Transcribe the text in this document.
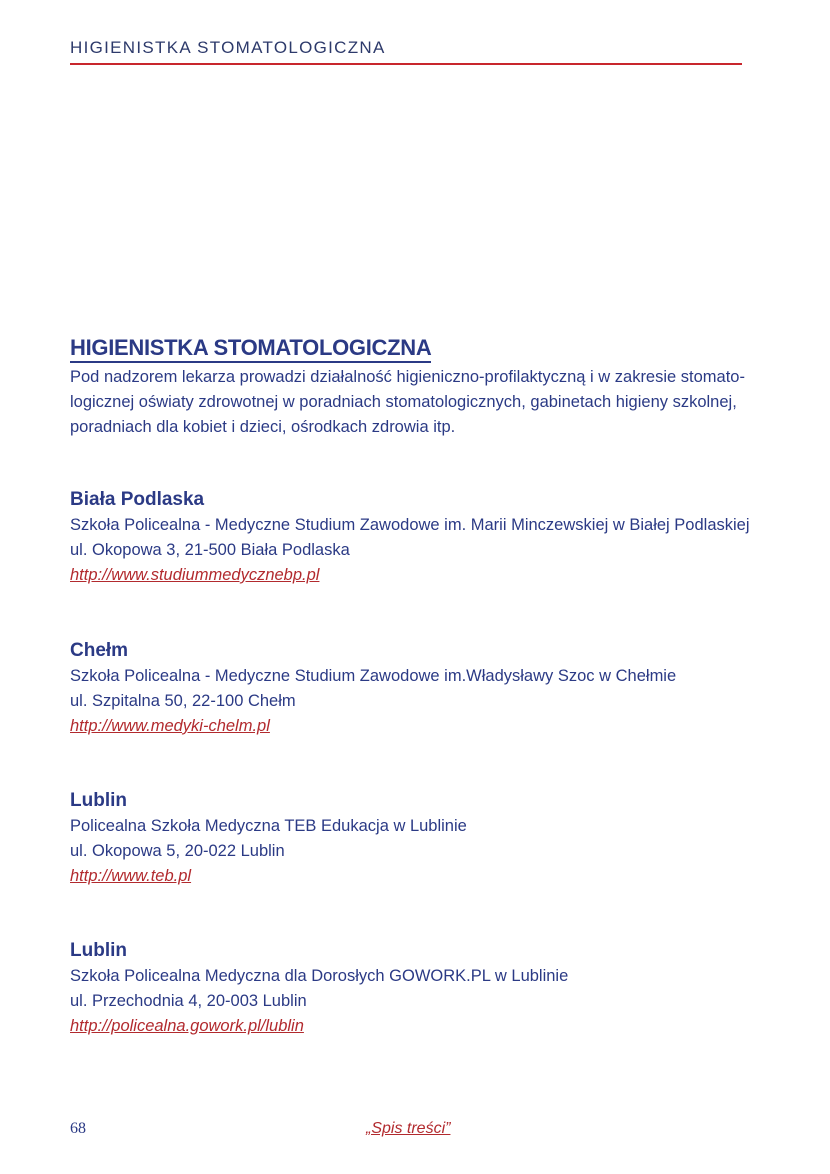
HIGIENISTKA STOMATOLOGICZNA
HIGIENISTKA STOMATOLOGICZNA
Pod nadzorem lekarza prowadzi działalność higieniczno-profilaktyczną i w zakresie stomato-
logicznej oświaty zdrowotnej w poradniach stomatologicznych, gabinetach higieny szkolnej,
poradniach dla kobiet i dzieci, ośrodkach zdrowia itp.

Biała Podlaska

Szkoła Policealna - Medyczne Studium Zawodowe im. Marii Minczewskiej w Białej Podlaskiej

ul. Okopowa 3, 21-500 Biała Podlaska

http://www.studiummedycznebp.pl

Chełm

Szkoła Policealna - Medyczne Studium Zawodowe im.Władysławy Szoc w Chełmie

ul. Szpitalna 50, 22-100 Chełm

http://www.medyki-chelm.pl

Lublin

Policealna Szkoła Medyczna TEB Edukacja w Lublinie

ul. Okopowa 5, 20-022 Lublin

http://www.teb.pl

Lublin

Szkoła Policealna Medyczna dla Dorosłych GOWORK.PL w Lublinie

ul. Przechodnia 4, 20-003 Lublin

http://policealna.gowork.pl/lublin
68	„Spis treści”
